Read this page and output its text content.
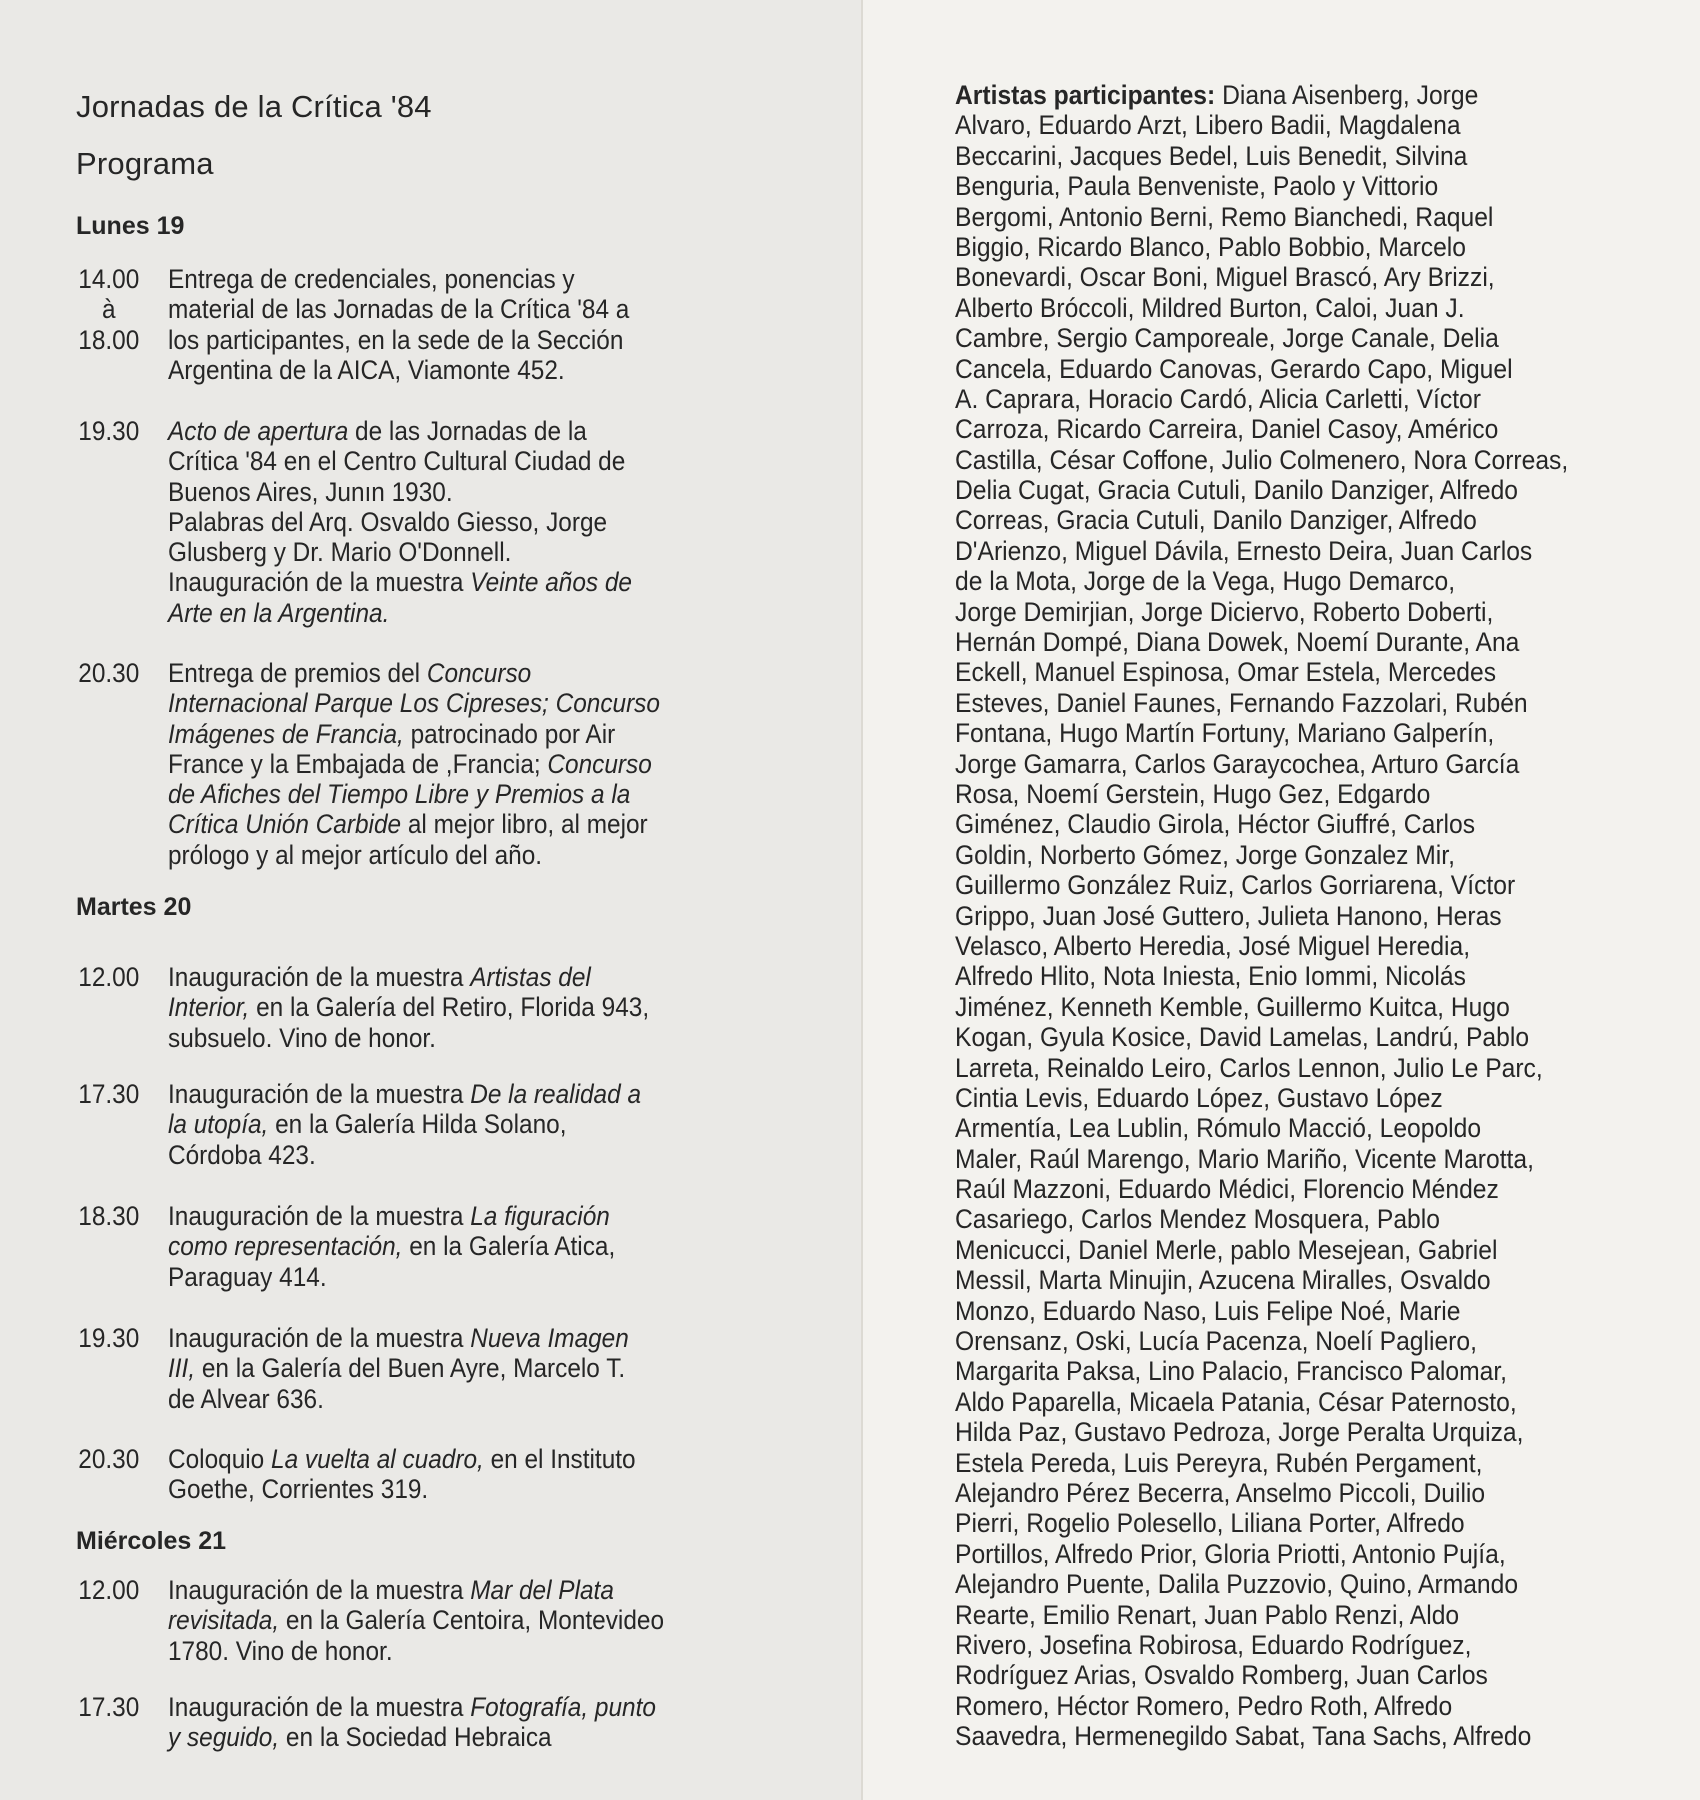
Jornadas de la Crítica '84
Programa
Lunes 19
Martes 20
Miércoles 21
14.00 Entrega de credenciales, ponencias y
à	material de las Jornadas de la Crítica '84 a
18.00 los participantes, en la sede de la Sección
Argentina de la AICA, Viamonte 452.
19.30 Acto de apertura de las Jornadas de la
Crítica '84 en el Centro Cultural Ciudad de
Buenos Aires, Junın 1930.
Palabras del Arq. Osvaldo Giesso, Jorge
Glusberg y Dr. Mario O'Donnell.
Inauguración de la muestra Veinte años de
Arte en la Argentina.
20.30 Entrega de premios del Concurso
Internacional Parque Los Cipreses; Concurso
Imágenes de Francia, patrocinado por Air
France y la Embajada de ,Francia; Concurso
de Afiches del Tiempo Libre y Premios a la
Crítica Unión Carbide al mejor libro, al mejor
prólogo y al mejor artículo del año.
12.00 Inauguración de la muestra Artistas del
Interior, en la Galería del Retiro, Florida 943,
subsuelo. Vino de honor.
17.30 Inauguración de la muestra De la realidad a
la utopía, en la Galería Hilda Solano,
Córdoba 423.
18.30 Inauguración de la muestra La figuración
como representación, en la Galería Atica,
Paraguay 414.
19.30 Inauguración de la muestra Nueva Imagen
III, en la Galería del Buen Ayre, Marcelo T.
de Alvear 636.
20.30 Coloquio La vuelta al cuadro, en el Instituto
Goethe, Corrientes 319.
12.00 Inauguración de la muestra Mar del Plata
revisitada, en la Galería Centoira, Montevideo
1780. Vino de honor.
17.30 Inauguración de la muestra Fotografía, punto
y seguido, en la Sociedad Hebraica
Artistas participantes: Diana Aisenberg, Jorge
Alvaro, Eduardo Arzt, Libero Badii, Magdalena
Beccarini, Jacques Bedel, Luis Benedit, Silvina
Benguria, Paula Benveniste, Paolo y Vittorio
Bergomi, Antonio Berni, Remo Bianchedi, Raquel
Biggio, Ricardo Blanco, Pablo Bobbio, Marcelo
Bonevardi, Oscar Boni, Miguel Brascó, Ary Brizzi,
Alberto Bróccoli, Mildred Burton, Caloi, Juan J.
Cambre, Sergio Camporeale, Jorge Canale, Delia
Cancela, Eduardo Canovas, Gerardo Capo, Miguel
A. Caprara, Horacio Cardó, Alicia Carletti, Víctor
Carroza, Ricardo Carreira, Daniel Casoy, Américo
Castilla, César Coffone, Julio Colmenero, Nora Correas,
Delia Cugat, Gracia Cutuli, Danilo Danziger, Alfredo
Correas, Gracia Cutuli, Danilo Danziger, Alfredo
D'Arienzo, Miguel Dávila, Ernesto Deira, Juan Carlos
de la Mota, Jorge de la Vega, Hugo Demarco,
Jorge Demirjian, Jorge Diciervo, Roberto Doberti,
Hernán Dompé, Diana Dowek, Noemí Durante, Ana
Eckell, Manuel Espinosa, Omar Estela, Mercedes
Esteves, Daniel Faunes, Fernando Fazzolari, Rubén
Fontana, Hugo Martín Fortuny, Mariano Galperín,
Jorge Gamarra, Carlos Garaycochea, Arturo García
Rosa, Noemí Gerstein, Hugo Gez, Edgardo
Giménez, Claudio Girola, Héctor Giuffré, Carlos
Goldin, Norberto Gómez, Jorge Gonzalez Mir,
Guillermo González Ruiz, Carlos Gorriarena, Víctor
Grippo, Juan José Guttero, Julieta Hanono, Heras
Velasco, Alberto Heredia, José Miguel Heredia,
Alfredo Hlito, Nota Iniesta, Enio Iommi, Nicolás
Jiménez, Kenneth Kemble, Guillermo Kuitca, Hugo
Kogan, Gyula Kosice, David Lamelas, Landrú, Pablo
Larreta, Reinaldo Leiro, Carlos Lennon, Julio Le Parc,
Cintia Levis, Eduardo López, Gustavo López
Armentía, Lea Lublin, Rómulo Macció, Leopoldo
Maler, Raúl Marengo, Mario Mariño, Vicente Marotta,
Raúl Mazzoni, Eduardo Médici, Florencio Méndez
Casariego, Carlos Mendez Mosquera, Pablo
Menicucci, Daniel Merle, pablo Mesejean, Gabriel
Messil, Marta Minujin, Azucena Miralles, Osvaldo
Monzo, Eduardo Naso, Luis Felipe Noé, Marie
Orensanz, Oski, Lucía Pacenza, Noelí Pagliero,
Margarita Paksa, Lino Palacio, Francisco Palomar,
Aldo Paparella, Micaela Patania, César Paternosto,
Hilda Paz, Gustavo Pedroza, Jorge Peralta Urquiza,
Estela Pereda, Luis Pereyra, Rubén Pergament,
Alejandro Pérez Becerra, Anselmo Piccoli, Duilio
Pierri, Rogelio Polesello, Liliana Porter, Alfredo
Portillos, Alfredo Prior, Gloria Priotti, Antonio Pujía,
Alejandro Puente, Dalila Puzzovio, Quino, Armando
Rearte, Emilio Renart, Juan Pablo Renzi, Aldo
Rivero, Josefina Robirosa, Eduardo Rodríguez,
Rodríguez Arias, Osvaldo Romberg, Juan Carlos
Romero, Héctor Romero, Pedro Roth, Alfredo
Saavedra, Hermenegildo Sabat, Tana Sachs, Alfredo
